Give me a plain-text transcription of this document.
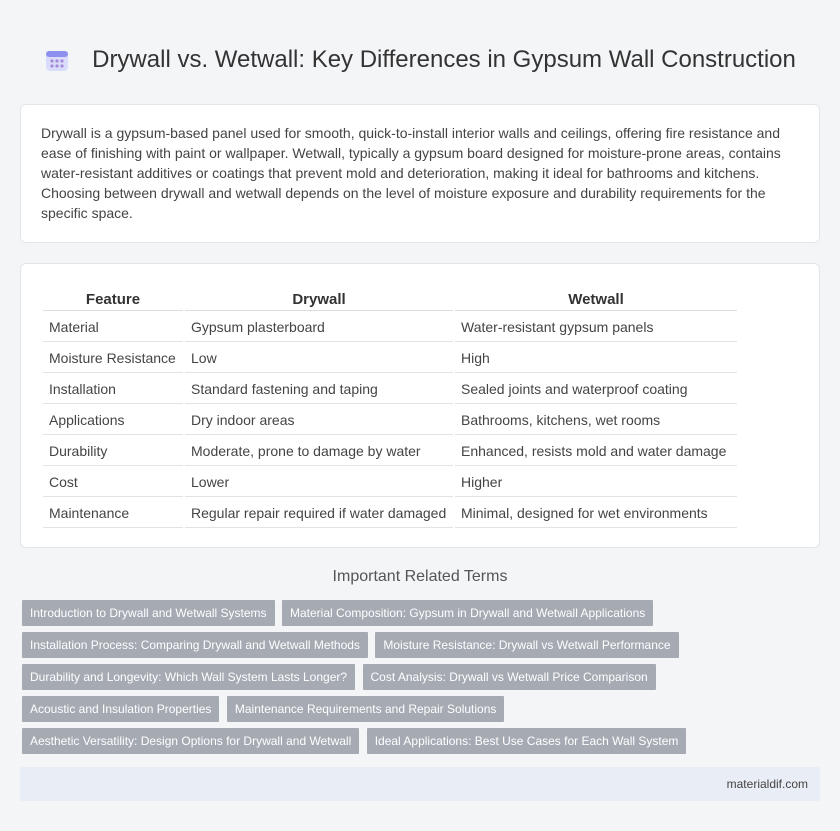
Drywall vs. Wetwall: Key Differences in Gypsum Wall Construction

Drywall is a gypsum-based panel used for smooth, quick-to-install interior walls and ceilings, offering fire resistance and ease of finishing with paint or wallpaper. Wetwall, typically a gypsum board designed for moisture-prone areas, contains water-resistant additives or coatings that prevent mold and deterioration, making it ideal for bathrooms and kitchens. Choosing between drywall and wetwall depends on the level of moisture exposure and durability requirements for the specific space.

Feature	Drywall	Wetwall
Material	Gypsum plasterboard	Water-resistant gypsum panels
Moisture Resistance	Low	High
Installation	Standard fastening and taping	Sealed joints and waterproof coating
Applications	Dry indoor areas	Bathrooms, kitchens, wet rooms
Durability	Moderate, prone to damage by water	Enhanced, resists mold and water damage
Cost	Lower	Higher
Maintenance	Regular repair required if water damaged	Minimal, designed for wet environments
Important Related Terms
Introduction to Drywall and Wetwall Systems Material Composition: Gypsum in Drywall and Wetwall Applications
Installation Process: Comparing Drywall and Wetwall Methods Moisture Resistance: Drywall vs Wetwall Performance
Durability and Longevity: Which Wall System Lasts Longer? Cost Analysis: Drywall vs Wetwall Price Comparison
Acoustic and Insulation Properties Maintenance Requirements and Repair Solutions
Aesthetic Versatility: Design Options for Drywall and Wetwall Ideal Applications: Best Use Cases for Each Wall System
materialdif.com
